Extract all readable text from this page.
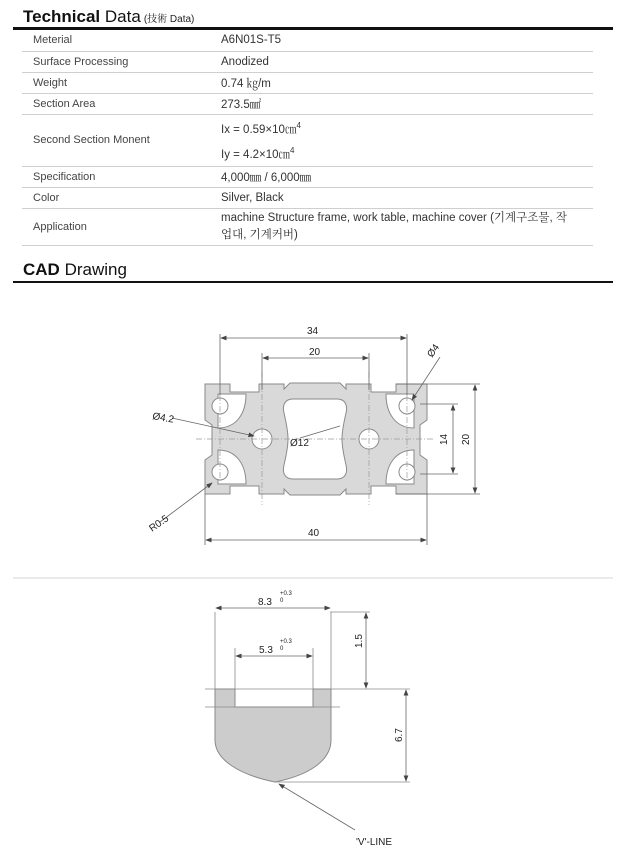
Technical Data (技術 Data)
Meterial	A6N01S-T5
Surface Processing	Anodized
Weight	0.74 ㎏/m
Section Area	273.5㎟
Second Section Monent	Ix = 0.59×10㎝$^4$
Iy = 4.2×10㎝$^4$

Specification	4,000㎜ / 6,000㎜
Color	Silver, Black
Application	machine Structure frame, work table, machine cover (기계구조물, 작
업대, 기계커버)
CAD Drawing
34
20
40
Ø12
Ø4.2
Ø4
R0.5
14 20
8.3
+0.3
0
5.3
+0.3
0
1.5
6.7
'V'-LINE
